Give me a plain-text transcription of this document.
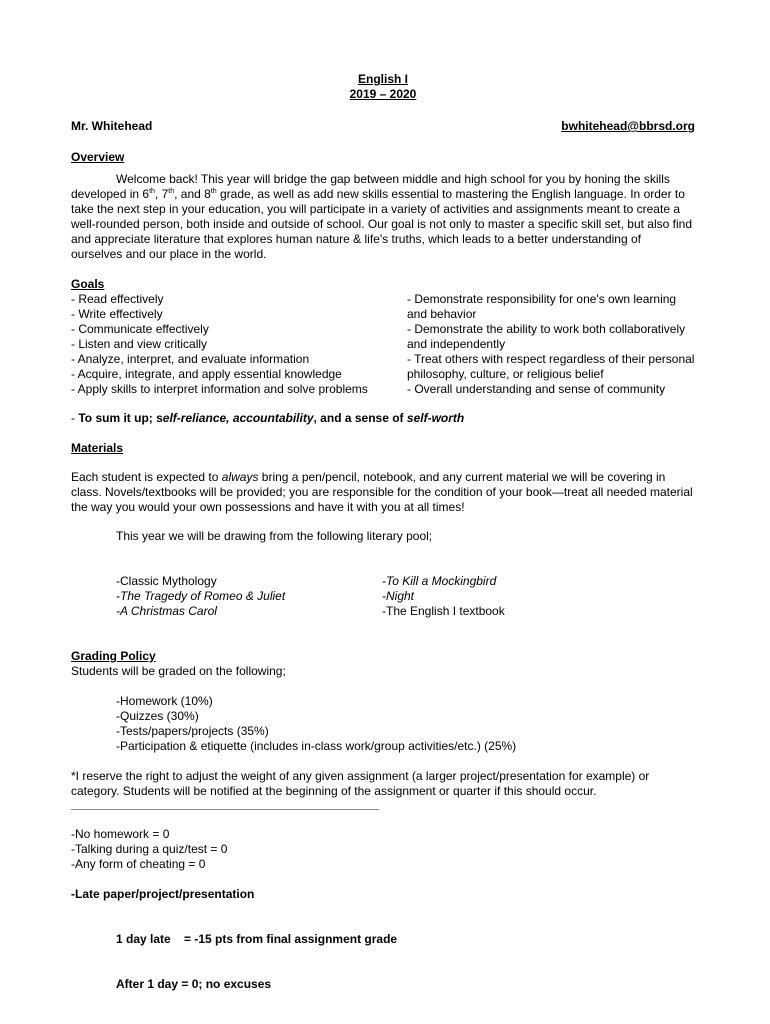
English I
2019 – 2020
Mr. Whitehead	bwhitehead@bbrsd.org
Overview

Welcome back! This year will bridge the gap between middle and high school for you by honing the skills developed in 6th, 7th, and 8th grade, as well as add new skills essential to mastering the English language. In order to take the next step in your education, you will participate in a variety of activities and assignments meant to create a well-rounded person, both inside and outside of school. Our goal is not only to master a specific skill set, but also find and appreciate literature that explores human nature & life's truths, which leads to a better understanding of ourselves and our place in the world.

Goals
- Read effectively
- Write effectively
- Communicate effectively
- Listen and view critically
- Analyze, interpret, and evaluate information
- Acquire, integrate, and apply essential knowledge
- Apply skills to interpret information and solve problems
- Demonstrate responsibility for one's own learning and behavior
- Demonstrate the ability to work both collaboratively and independently
- Treat others with respect regardless of their personal philosophy, culture, or religious belief
- Overall understanding and sense of community

- To sum it up; self-reliance, accountability, and a sense of self-worth

Materials

Each student is expected to always bring a pen/pencil, notebook, and any current material we will be covering in class. Novels/textbooks will be provided; you are responsible for the condition of your book—treat all needed material the way you would your own possessions and have it with you at all times!

This year we will be drawing from the following literary pool;

-Classic Mythology
-The Tragedy of Romeo & Juliet
-A Christmas Carol
-To Kill a Mockingbird
-Night
-The English I textbook
Grading Policy
Students will be graded on the following;
-Homework (10%)
-Quizzes (30%)
-Tests/papers/projects (35%)
-Participation & etiquette (includes in-class work/group activities/etc.) (25%)

*I reserve the right to adjust the weight of any given assignment (a larger project/presentation for example) or category. Students will be notified at the beginning of the assignment or quarter if this should occur.

-No homework = 0
-Talking during a quiz/test = 0
-Any form of cheating = 0
-Late paper/project/presentation

1 day late    = -15 pts from final assignment grade

After 1 day = 0; no excuses
